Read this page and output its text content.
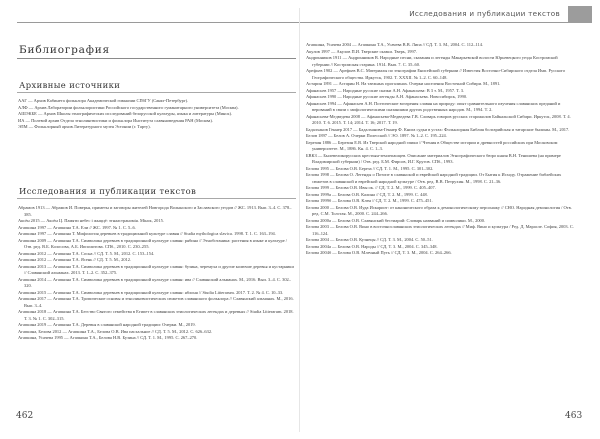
Исследования и публикации текстов
Библиография
Архивные источники
ААГ — Архив Кабинета фольклора Академической гимназии СПбГУ (Санкт-Петербург).
АЛФ — Архив Лаборатории фольклористики Российского государственного гуманитарного университета (Москва).
АШЭКБЕ — Архив Школы этнографических исследований белорусской культуры, языка и литературы (Минск).
ИА — Полевой архив Отдела этнолингвистики и фольклора Института славяноведения РАН (Москва).
ЭЛМ — Фольклорный архив Литературного музея Эстонии (г. Тарту).
Исследования и публикации текстов
Абрамов 1913 — Абрамов И. Поверья, приметы и заговоры жителей Новгорода Волынского и Заславского уездов // ЖС. 1913. Вып. 3–4. С. 378–385.
Аксён 2015 — Аксён Ц. Памяти небес і жыццё: этнаастраномія. Мінск, 2015.
Агапкина 1997 — Агапкина Т.А. Ели // ЖС. 1997. № 1. С. 5–6.
Агапкина 1997 — Агапкина Т. Мифология деревьев в традиционной культуре славян // Studia mythologica slavica. 1998. Т. 1. С. 163–194.
Агапкина 2009 — Агапкина Т.А. Символика деревьев в традиционной культуре славян: рябина // Этноботаника: растения в языке и культуре / Отв. ред. В.Б. Колосова, А.Б. Ипполитова. СПб., 2010. С. 230–255.
Агапкина 2012 — Агапкина Т.А. Сосна // СД. Т. 5. М., 2012. С. 153–154.
Агапкина 2012 — Агапкина Т.А. Ясень // СД. Т. 5. М., 2012.
Агапкина 2013 — Агапкина Т.А. Символика деревьев в традиционной культуре славян: бузина, черемуха и другие колючие деревья и кустарники // Славянский альманах. 2013. Т. 1–2. С. 352–375.
Агапкина 2014 — Агапкина Т.А. Символика деревьев в традиционной культуре славян: ива // Славянский альманах. М., 2016. Вып. 3–4. С. 302–320.
Агапкина 2015 — Агапкина Т.А. Символика деревьев в традиционной культуре славян: яблоня // Studia Litterarum. 2017. Т. 2. № 4. С. 10–33.
Агапкина 2017 — Агапкина Т.А. Тропические основы и этнолингвистических сюжетов славянского фольклора // Славянский альманах. М., 2016. Вып. 3–4.
Агапкина 2018 — Агапкина Т.А. Бегство Святого семейства в Египет в славянских этиологических легендах и деревьях // Studia Litterarum. 2018. Т. 3. № 1. С. 302–315.
Агапкина 2019 — Агапкина Т.А. Деревья в славянской народной традиции: Очерки. М., 2019.
Агапкина, Белова 2012 — Агапкина Т.А., Белова О.В. Ива пасхальное // СД. Т. 5. М., 2012. С. 626–632.
Агапкина, Усачева 1995 — Агапкина Т.А., Белова Н.В. Бузина // СД. Т. 1. М., 1995. С. 267–270.
Агапкина, Усачева 2004 — Агапкина Т.А., Усачева В.В. Липа // СД. Т. 3. М., 2004. С. 112–114.
Акулов 1997 — Акулов П.И. Тверские сказки. Тверь, 1997.
Андронников 1911 — Андронников В. Народные песни, сказания и легенды Макарьевской волости Юрьевецкого уезда Костромской губернии // Костромская старина. 1914. Вып. 7. С. 35–60.
Арефьев 1902 — Арефьев В.С. Материалы по этнографии Енисейской губернии // Известия Восточно-Сибирского отдела Имп. Русского Географического общества. Иркутск, 1902. Т. XXXII. № 1–2. С. 60–148.
Астарин 1891 — Астарин Н. На таежных прогалинах. Очерки населения Восточной Сибири. М., 1891.
Афанасьев 1957 — Народные русские сказки А.Н. Афанасьева: В 3 т. М., 1957. Т. 3.
Афанасьев 1990 — Народные русские легенды А.Н. Афанасьева. Новосибирск, 1990.
Афанасьев 1994 — Афанасьев А.Н. Поэтические воззрения славян на природу: опыт сравнительного изучения славянских преданий и верований в связи с мифологическими сказаниями других родственных народов. М., 1994. Т. 2.
Афанасьева-Медведева 2008 — Афанасьева-Медведева Г.В. Словарь говоров русских старожилов Байкальской Сибири. Иркутск, 2008. Т. 4. 2010. Т. 6. 2015. Т. 14; 2014. Т. 16; 2017. Т. 19.
Бадалханов Геннер 2017 — Бадалханова-Геннер Ф. Книга судьи в устах: Фольклорная Библия болгарийская и татарские былины. М., 2017.
Белов 1897 — Белов А. Очерки Полесской // ЭО. 1897. № 1–2. С. 195–224.
Березин 1886 — Березин Е.В. Из Тверской народной эпики // Чтения в Обществе истории и древностей российских при Московском университете. М., 1886. Кн. 4. С. 1–3.
БВКЗ — Былевеликорусских крестьян-землепашцев. Описание материалов Этнографического бюро князя В.Н. Тенишева (на примере Владимирской губернии) / Отв. ред. Б.М. Фирсов, И.Г. Кругов. СПб., 1993.
Белова 1995 — Белова О.В. Береза // СД. Т. 1. М., 1995. С. 301–302.
Белова 1998 — Белова О. Легенды о Потопе в славянской и еврейской народной традиции. От Бытия к Исходу. Отражение библейских сюжетов в славянской и еврейской народной культуре / Отв. ред. В.В. Петрухин. М., 1998. С. 21–36.
Белова 1999 — Белова О.В. Ивы ок. // СД. Т. 2. М., 1999. С. 405–407.
Белова 1999а — Белова О.В. Калина // СД. Т. 2. М., 1999. С. 448.
Белова 1999б — Белова О.В. Клен // СД. Т. 2. М., 1999. С. 475–451.
Белова 2000 — Белова О.В. Иуда Искариот: от канонического образа к демонологическому персонажу // СНО. Народная демонология / Отв. ред. С.М. Толстая. М., 2000. С. 244–266.
Белова 2000а — Белова О.В. Славянский бестиарий: Словарь названий и символики. М., 2000.
Белова 2003 — Белова О.В. Вино в восточнославянских этиологических легендах // Миф. Вино и культура / Ред. Д. Марасле. София, 2003. С. 116–124.
Белова 2004 — Белова О.В. Кузнецы // СД. Т. 3. М., 2004. С. 50–51.
Белова 2004а — Белова О.В. Народы // СД. Т. 3. М., 2004. С. 345–348.
Белова 2004б — Белова О.В. Млечный Путь // СД. Т. 3. М., 2004. С. 264–266.
462	463
